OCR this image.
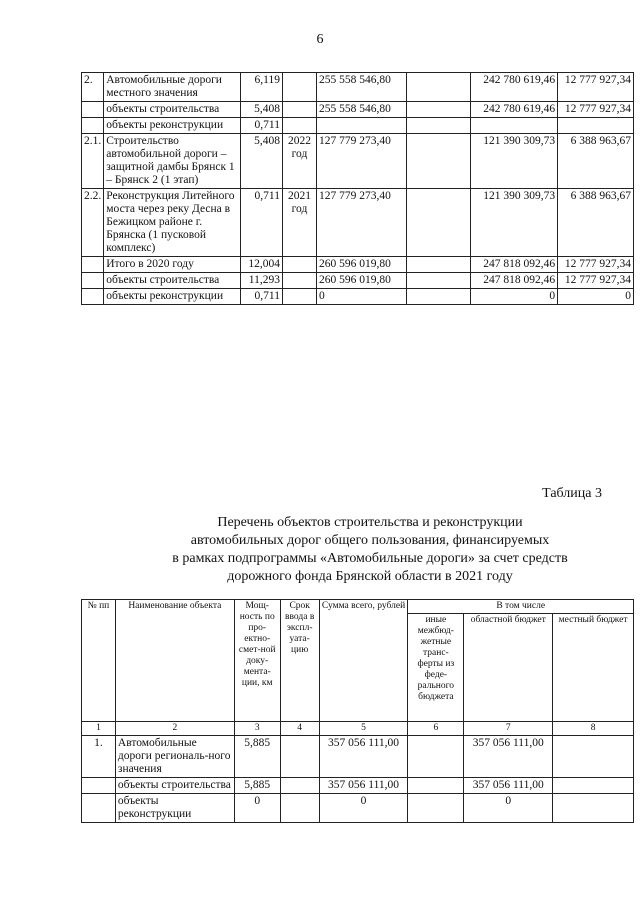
6
2.	Автомобильные дороги местного значения	6,119		255 558 546,80		242 780 619,46	12 777 927,34
	объекты строительства	5,408		255 558 546,80		242 780 619,46	12 777 927,34
	объекты реконструкции	0,711					
2.1.	Строительство автомобильной дороги – защитной дамбы Брянск 1 – Брянск 2 (1 этап)	5,408	2022 год	127 779 273,40		121 390 309,73	6 388 963,67
2.2.	Реконструкция Литейного моста через реку Десна в Бежицком районе г. Брянска (1 пусковой комплекс)	0,711	2021 год	127 779 273,40		121 390 309,73	6 388 963,67
	Итого в 2020 году	12,004		260 596 019,80		247 818 092,46	12 777 927,34
	объекты строительства	11,293		260 596 019,80		247 818 092,46	12 777 927,34
	объекты реконструкции	0,711		0		0	0
Таблица 3
Перечень объектов строительства и реконструкции
автомобильных дорог общего пользования, финансируемых
в рамках подпрограммы «Автомобильные дороги» за счет средств
дорожного фонда Брянской области в 2021 году
№ пп	Наименование объекта	Мощ-ность по про-ектно-смет-ной доку-мента-ции, км	Срок ввода в экспл-уата-цию	Сумма всего, рублей	В том числе		
					иные межбюд-жетные транс-ферты из феде-рального бюджета	областной бюджет	местный бюджет
1	2	3	4	5	6	7	8
1.	Автомобильные дороги региональ-ного значения	5,885		357 056 111,00		357 056 111,00	
	объекты строительства	5,885		357 056 111,00		357 056 111,00	
	объекты реконструкции	0		0		0	
